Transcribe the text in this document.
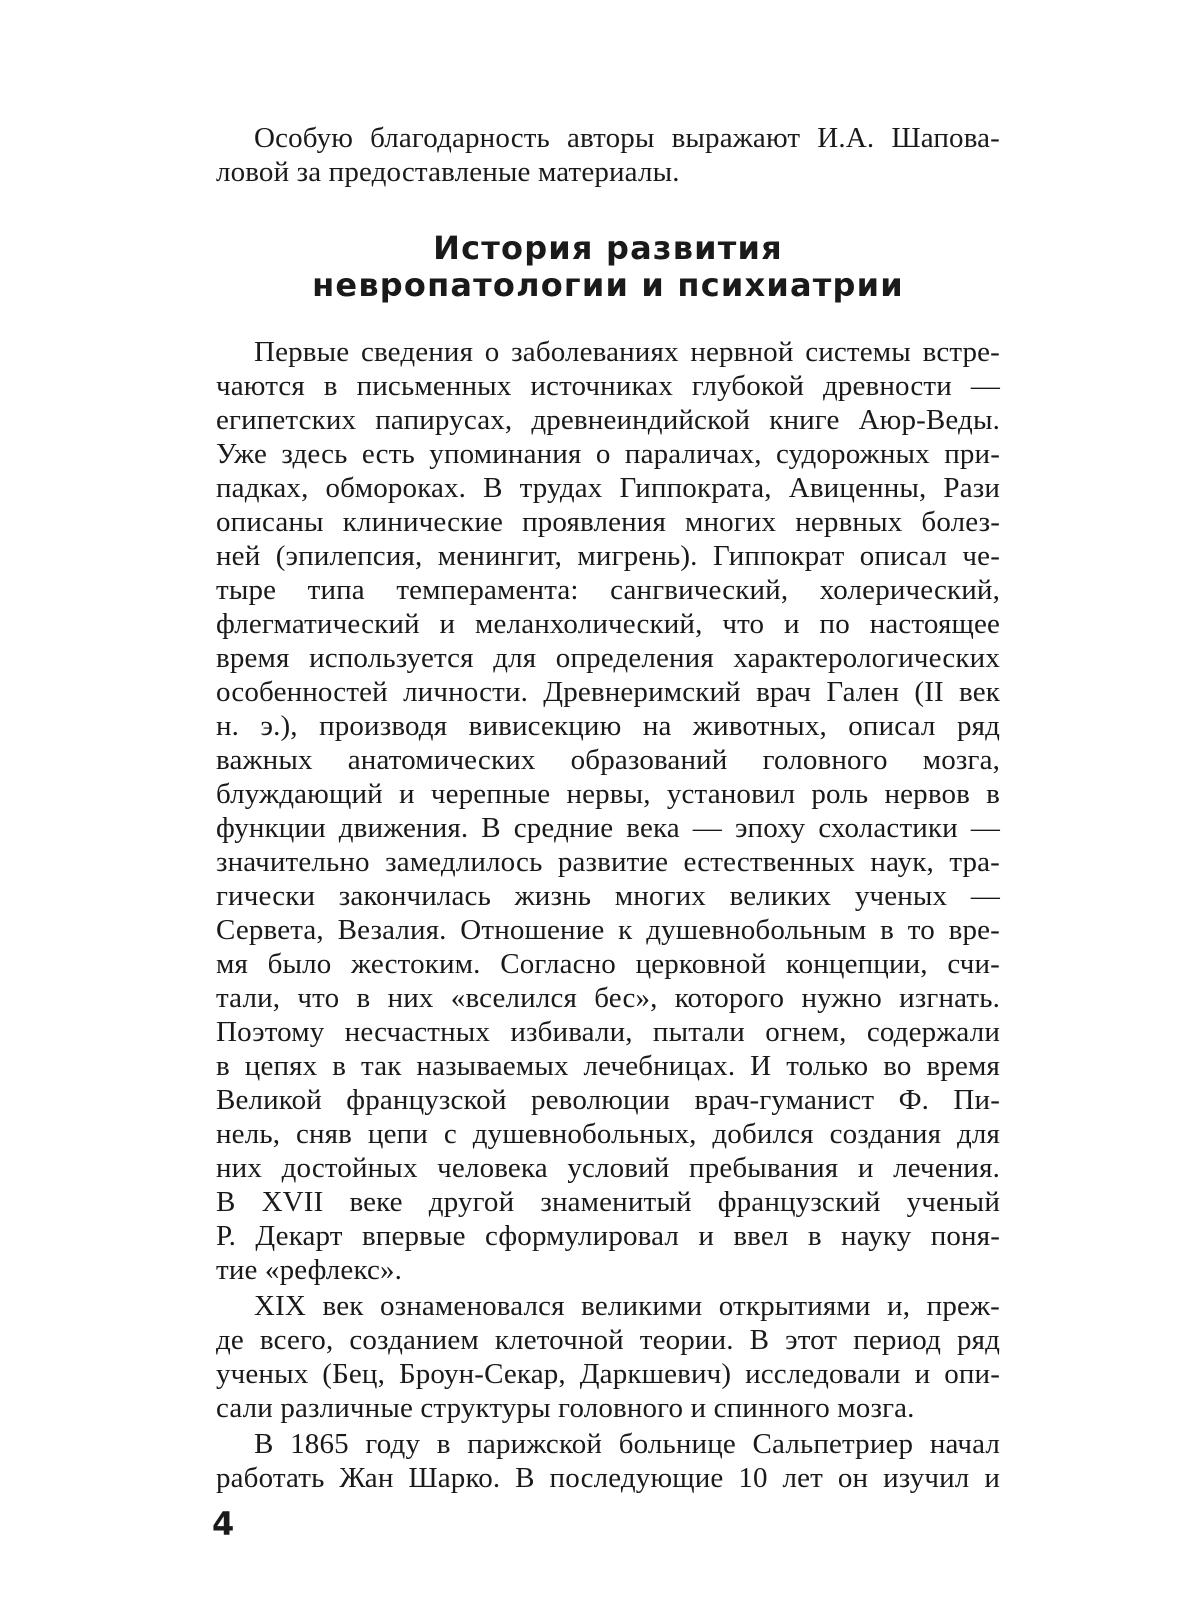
Особую благодарность авторы выражают И.А. Шапова-
ловой за предоставленые материалы.
История развития
невропатологии и психиатрии
Первые сведения о заболеваниях нервной системы встре-
чаются в письменных источниках глубокой древности —
египетских папирусах, древнеиндийской книге Аюр-Веды.
Уже здесь есть упоминания о параличах, судорожных при-
падках, обмороках. В трудах Гиппократа, Авиценны, Рази
описаны клинические проявления многих нервных болез-
ней (эпилепсия, менингит, мигрень). Гиппократ описал че-
тыре типа темперамента: сангвический, холерический,
флегматический и меланхолический, что и по настоящее
время используется для определения характерологических
особенностей личности. Древнеримский врач Гален (II век
н. э.), производя вивисекцию на животных, описал ряд
важных анатомических образований головного мозга,
блуждающий и черепные нервы, установил роль нервов в
функции движения. В средние века — эпоху схоластики —
значительно замедлилось развитие естественных наук, тра-
гически закончилась жизнь многих великих ученых —
Сервета, Везалия. Отношение к душевнобольным в то вре-
мя было жестоким. Согласно церковной концепции, счи-
тали, что в них «вселился бес», которого нужно изгнать.
Поэтому несчастных избивали, пытали огнем, содержали
в цепях в так называемых лечебницах. И только во время
Великой французской революции врач-гуманист Ф. Пи-
нель, сняв цепи с душевнобольных, добился создания для
них достойных человека условий пребывания и лечения.
В XVII веке другой знаменитый французский ученый
Р. Декарт впервые сформулировал и ввел в науку поня-
тие «рефлекс».
XIX век ознаменовался великими открытиями и, преж-
де всего, созданием клеточной теории. В этот период ряд
ученых (Бец, Броун-Секар, Даркшевич) исследовали и опи-
сали различные структуры головного и спинного мозга.
В 1865 году в парижской больнице Сальпетриер начал
работать Жан Шарко. В последующие 10 лет он изучил и
4
